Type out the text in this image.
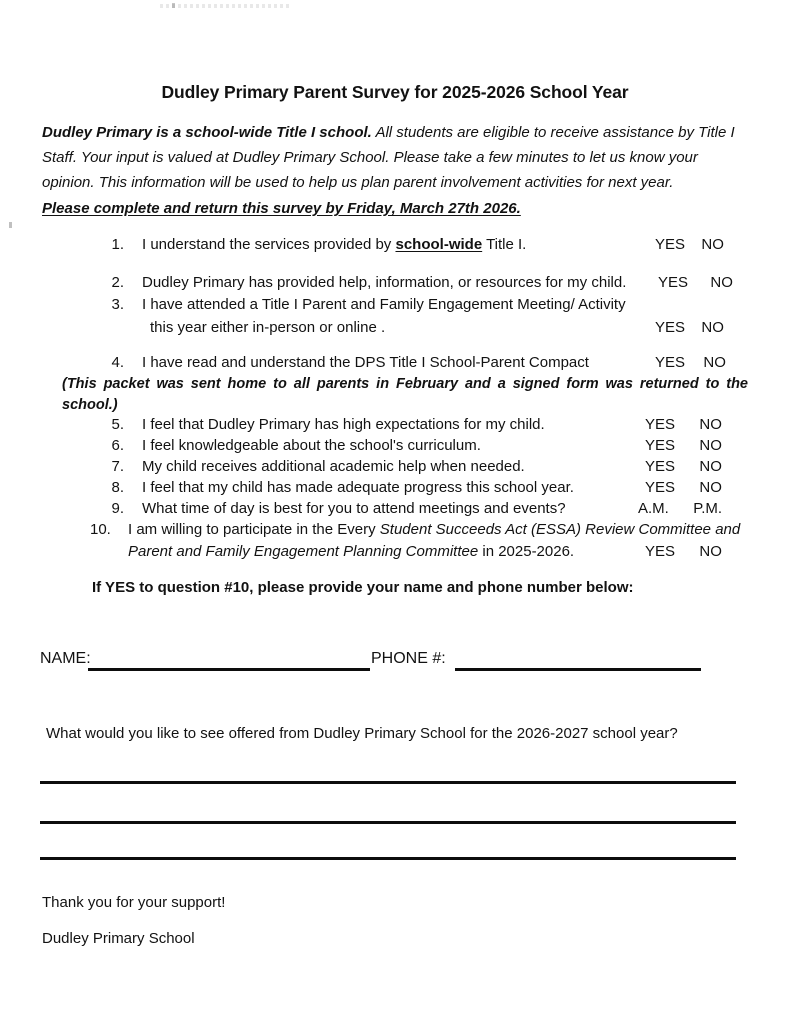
Dudley Primary Parent Survey for 2025-2026 School Year
Dudley Primary is a school-wide Title I school. All students are eligible to receive assistance by Title I Staff. Your input is valued at Dudley Primary School. Please take a few minutes to let us know your opinion. This information will be used to help us plan parent involvement activities for next year.
Please complete and return this survey by Friday, March 27th 2026.
1. I understand the services provided by school-wide Title I.	YES NO
2. Dudley Primary has provided help, information, or resources for my child. YES NO
3. I have attended a Title I Parent and Family Engagement Meeting/ Activity
this year either in-person or online .	YES NO
4. I have read and understand the DPS Title I School-Parent Compact	YES NO
(This packet was sent home to all parents in February and a signed form was returned to the school.)
5. I feel that Dudley Primary has high expectations for my child.	YES NO
6. I feel knowledgeable about the school's curriculum.	YES NO
7. My child receives additional academic help when needed.	YES NO
8. I feel that my child has made adequate progress this school year.	YES NO
9. What time of day is best for you to attend meetings and events?	A.M. P.M.
10.	I am willing to participate in the Every Student Succeeds Act (ESSA) Review Committee and Parent and Family Engagement Planning Committee in 2025-2026.	YES NO
If YES to question #10, please provide your name and phone number below:
NAME:	PHONE #:
What would you like to see offered from Dudley Primary School for the 2026-2027 school year?
Thank you for your support!
Dudley Primary School
